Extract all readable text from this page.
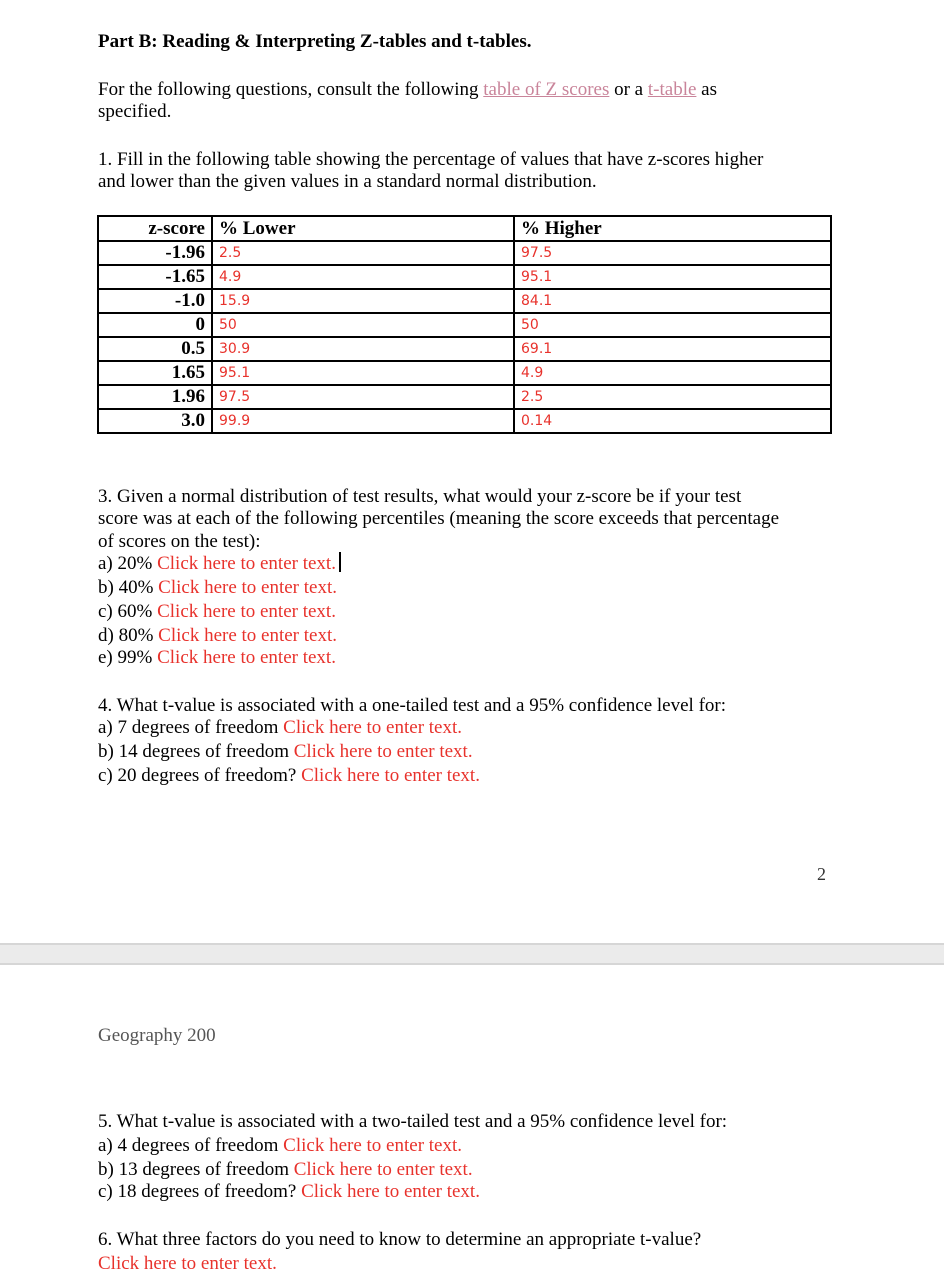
Part B: Reading & Interpreting Z-tables and t-tables.
For the following questions, consult the following table of Z scores or a t-table as
specified.
1. Fill in the following table showing the percentage of values that have z-scores higher
and lower than the given values in a standard normal distribution.
z-score	% Lower	% Higher
-1.96	2.5	97.5
-1.65	4.9	95.1
-1.0	15.9	84.1
0	50	50
0.5	30.9	69.1
1.65	95.1	4.9
1.96	97.5	2.5
3.0	99.9	0.14
3. Given a normal distribution of test results, what would your z-score be if your test
score was at each of the following percentiles (meaning the score exceeds that percentage
of scores on the test):
a) 20% Click here to enter text.
b) 40% Click here to enter text.
c) 60% Click here to enter text.
d) 80% Click here to enter text.
e) 99% Click here to enter text.
4. What t-value is associated with a one-tailed test and a 95% confidence level for:
a) 7 degrees of freedom Click here to enter text.
b) 14 degrees of freedom Click here to enter text.
c) 20 degrees of freedom? Click here to enter text.
2
Geography 200
5. What t-value is associated with a two-tailed test and a 95% confidence level for:
a) 4 degrees of freedom Click here to enter text.
b) 13 degrees of freedom Click here to enter text.
c) 18 degrees of freedom? Click here to enter text.
6. What three factors do you need to know to determine an appropriate t-value?
Click here to enter text.
